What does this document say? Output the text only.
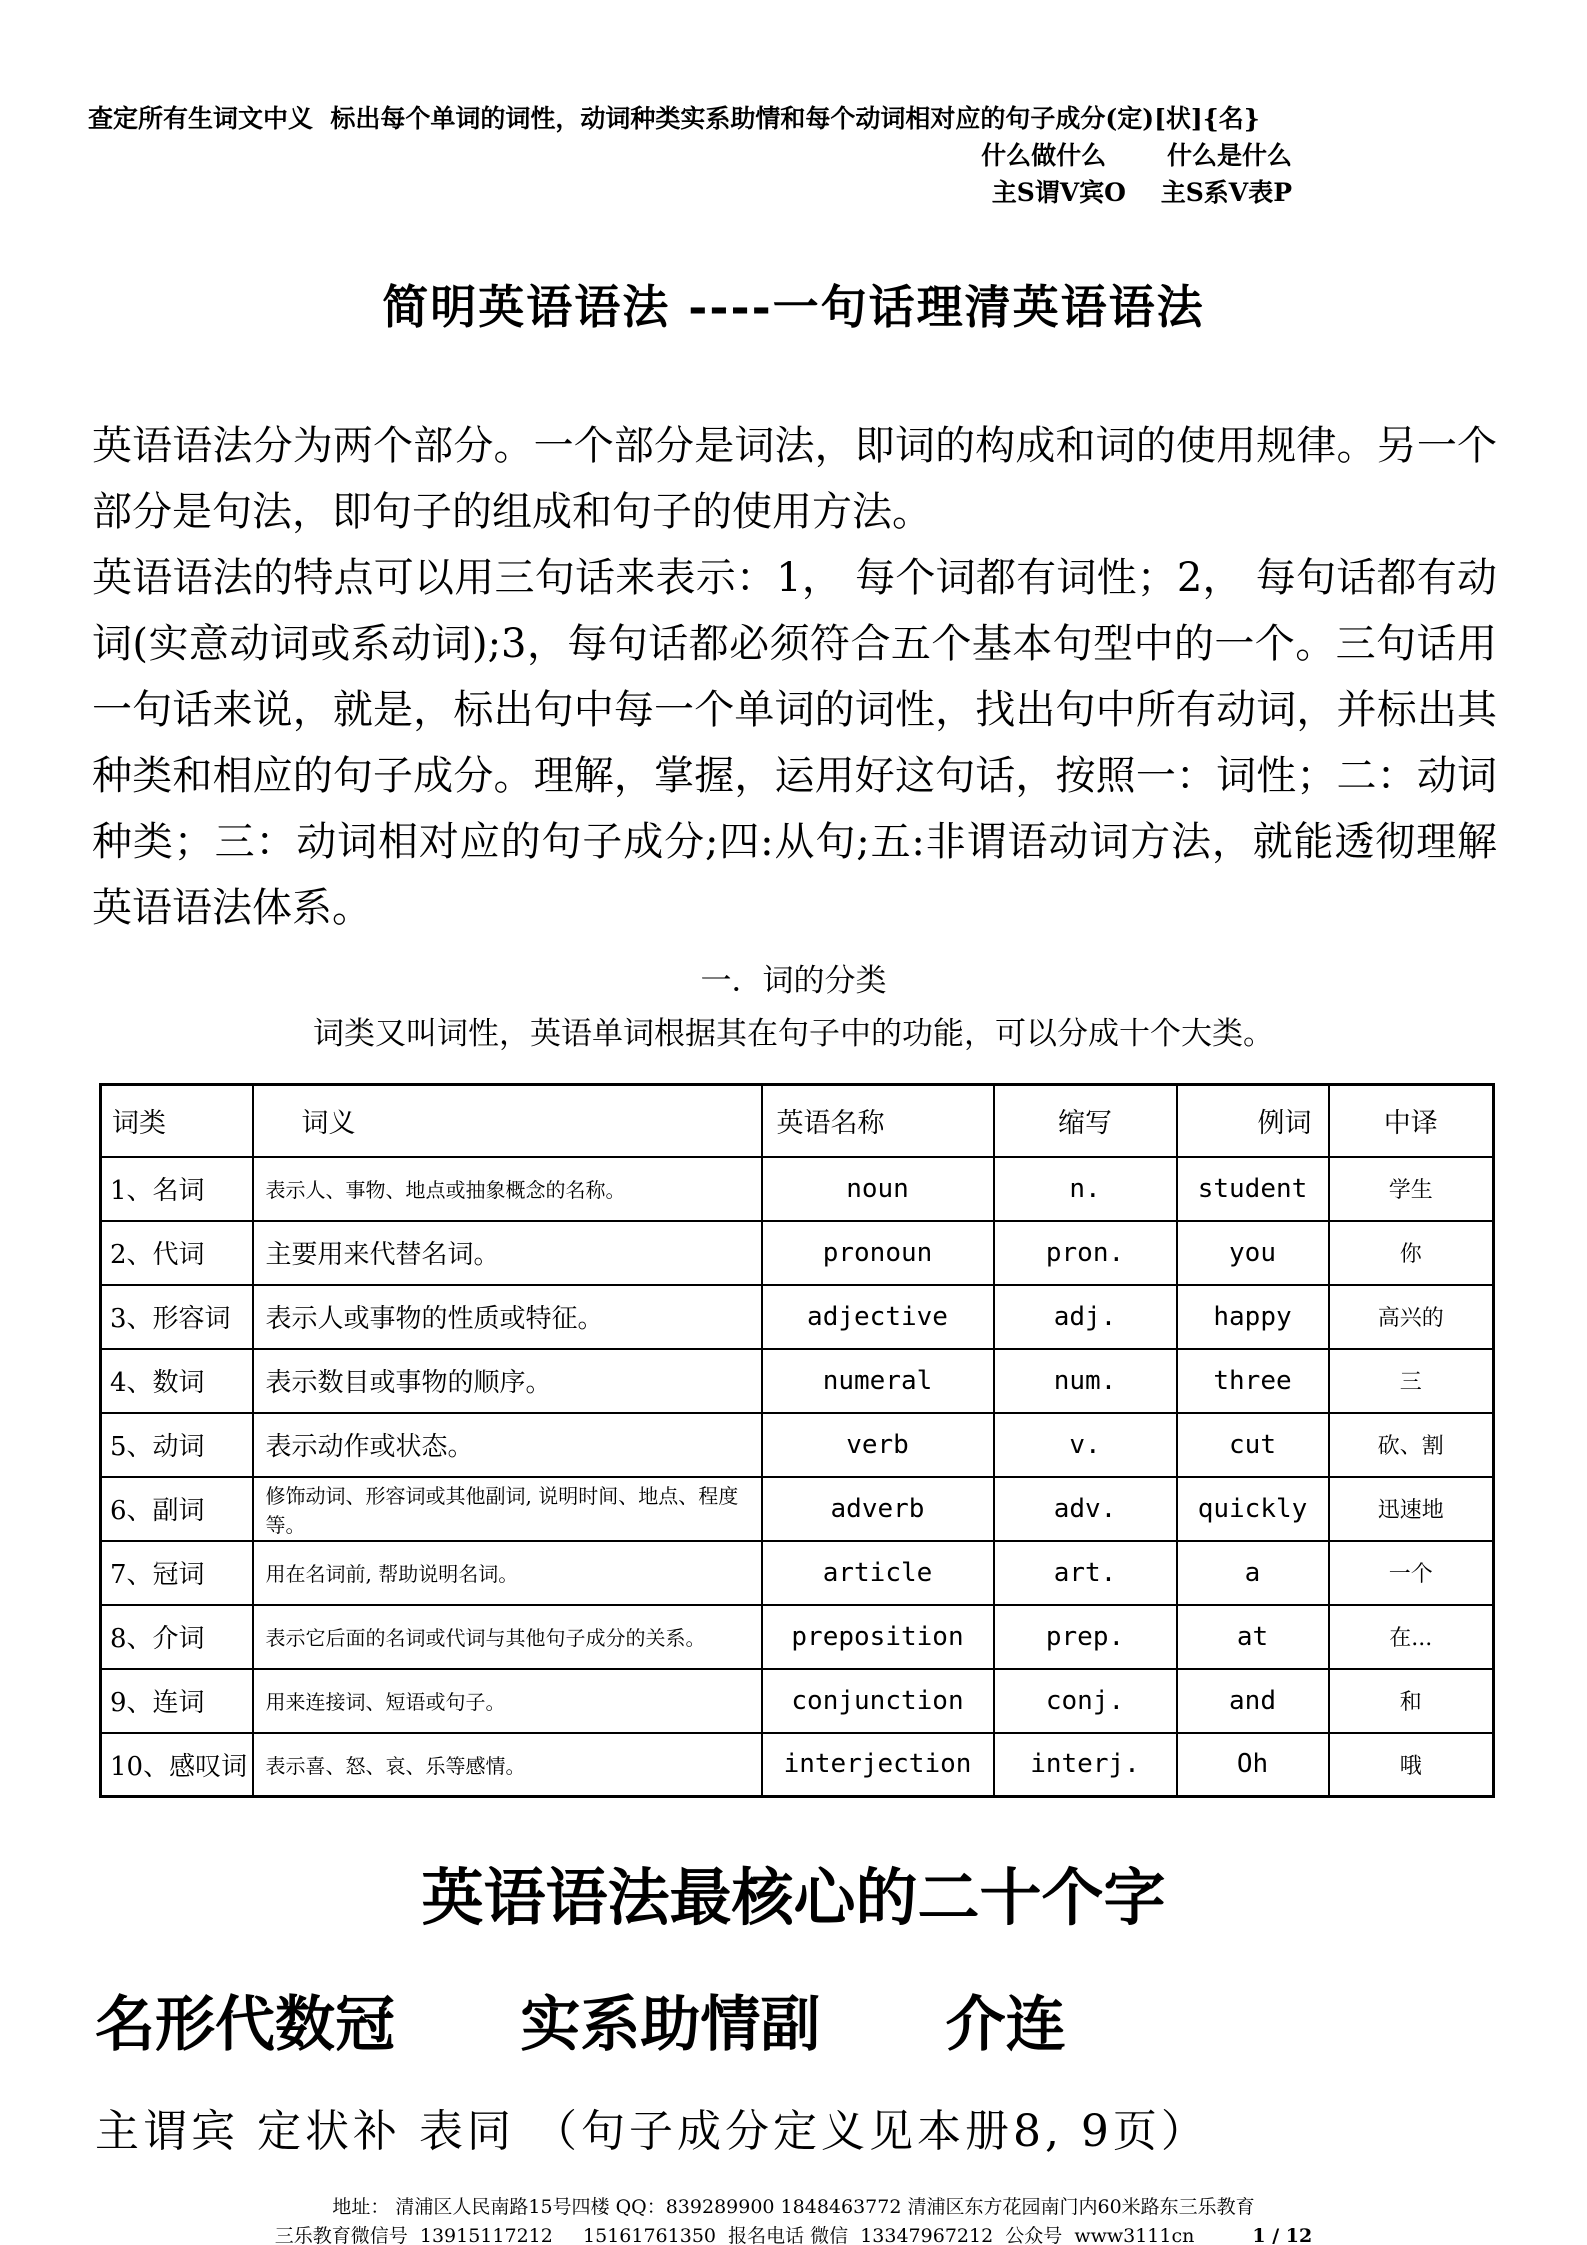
查定所有生词文中义  标出每个单词的词性，动词种类实系助情和每个动词相对应的句子成分(定)[状]{名}
什么做什么       什么是什么
主S谓V宾O    主S系V表P
简明英语语法 ----一句话理清英语语法

英语语法分为两个部分。一个部分是词法，即词的构成和词的使用规律。另一个部分是句法，即句子的组成和句子的使用方法。

英语语法的特点可以用三句话来表示：1， 每个词都有词性；2， 每句话都有动词(实意动词或系动词);3，每句话都必须符合五个基本句型中的一个。三句话用一句话来说，就是，标出句中每一个单词的词性，找出句中所有动词，并标出其种类和相应的句子成分。理解，掌握，运用好这句话，按照一：词性；二：动词种类；三：动词相对应的句子成分;四:从句;五:非谓语动词方法，就能透彻理解英语语法体系。

一．词的分类
词类又叫词性，英语单词根据其在句子中的功能，可以分成十个大类。
词类	词义	英语名称	缩写	例词	中译
1、名词	表示人、事物、地点或抽象概念的名称。	noun	n.	student	学生
2、代词	主要用来代替名词。	pronoun	pron.	you	你
3、形容词	表示人或事物的性质或特征。	adjective	adj.	happy	高兴的
4、数词	表示数目或事物的顺序。	numeral	num.	three	三
5、动词	表示动作或状态。	verb	v.	cut	砍、割
6、副词	修饰动词、形容词或其他副词, 说明时间、地点、程度等。	adverb	adv.	quickly	迅速地
7、冠词	用在名词前, 帮助说明名词。	article	art.	a	一个
8、介词	表示它后面的名词或代词与其他句子成分的关系。	preposition	prep.	at	在...
9、连词	用来连接词、短语或句子。	conjunction	conj.	and	和
10、感叹词	表示喜、怒、哀、乐等感情。	interjection	interj.	Oh	哦
英语语法最核心的二十个字
名形代数冠      实系助情副      介连
主谓宾 定状补 表同 （句子成分定义见本册8, 9页）
地址： 清浦区人民南路15号四楼 QQ：839289900 1848463772 清浦区东方花园南门内60米路东三乐教育
三乐教育微信号  13915117212     15161761350  报名电话 微信  13347967212  公众号  www3111cn	1 / 12
